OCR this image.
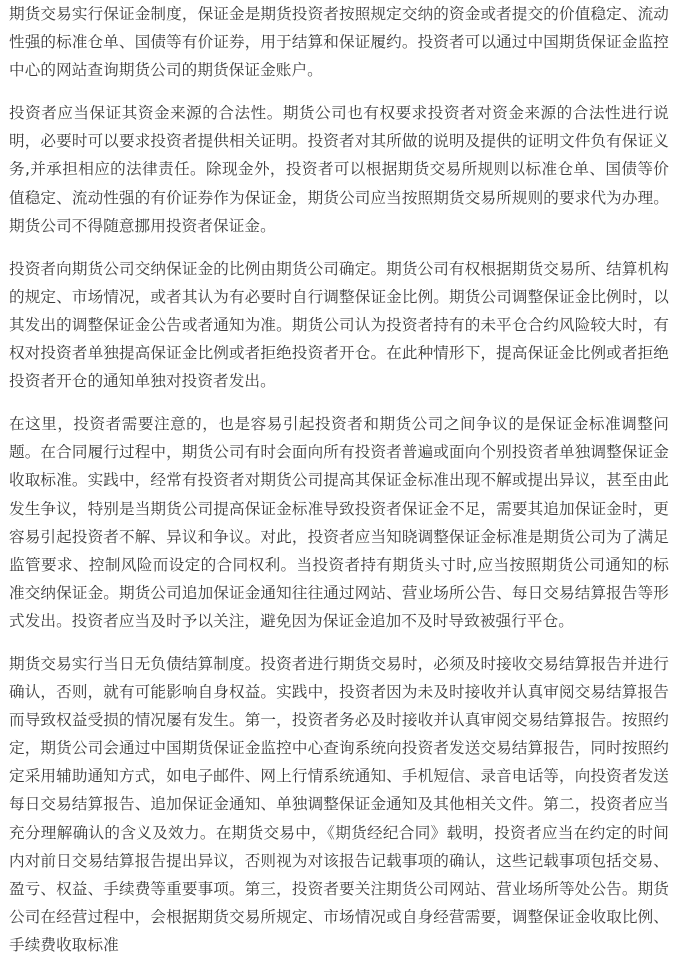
期货交易实行保证金制度，保证金是期货投资者按照规定交纳的资金或者提交的价值稳定、流动性强的标准仓单、国债等有价证券，用于结算和保证履约。投资者可以通过中国期货保证金监控中心的网站查询期货公司的期货保证金账户。

投资者应当保证其资金来源的合法性。期货公司也有权要求投资者对资金来源的合法性进行说明，必要时可以要求投资者提供相关证明。投资者对其所做的说明及提供的证明文件负有保证义务,并承担相应的法律责任。除现金外，投资者可以根据期货交易所规则以标准仓单、国债等价值稳定、流动性强的有价证券作为保证金，期货公司应当按照期货交易所规则的要求代为办理。期货公司不得随意挪用投资者保证金。

投资者向期货公司交纳保证金的比例由期货公司确定。期货公司有权根据期货交易所、结算机构的规定、市场情况，或者其认为有必要时自行调整保证金比例。期货公司调整保证金比例时，以其发出的调整保证金公告或者通知为准。期货公司认为投资者持有的未平仓合约风险较大时，有权对投资者单独提高保证金比例或者拒绝投资者开仓。在此种情形下，提高保证金比例或者拒绝投资者开仓的通知单独对投资者发出。

在这里，投资者需要注意的，也是容易引起投资者和期货公司之间争议的是保证金标准调整问题。在合同履行过程中，期货公司有时会面向所有投资者普遍或面向个别投资者单独调整保证金收取标准。实践中，经常有投资者对期货公司提高其保证金标准出现不解或提出异议，甚至由此发生争议，特别是当期货公司提高保证金标准导致投资者保证金不足，需要其追加保证金时，更容易引起投资者不解、异议和争议。对此，投资者应当知晓调整保证金标准是期货公司为了满足监管要求、控制风险而设定的合同权利。当投资者持有期货头寸时,应当按照期货公司通知的标准交纳保证金。期货公司追加保证金通知往往通过网站、营业场所公告、每日交易结算报告等形式发出。投资者应当及时予以关注，避免因为保证金追加不及时导致被强行平仓。

期货交易实行当日无负债结算制度。投资者进行期货交易时，必须及时接收交易结算报告并进行确认，否则，就有可能影响自身权益。实践中，投资者因为未及时接收并认真审阅交易结算报告而导致权益受损的情况屡有发生。第一，投资者务必及时接收并认真审阅交易结算报告。按照约定，期货公司会通过中国期货保证金监控中心查询系统向投资者发送交易结算报告，同时按照约定采用辅助通知方式，如电子邮件、网上行情系统通知、手机短信、录音电话等，向投资者发送每日交易结算报告、追加保证金通知、单独调整保证金通知及其他相关文件。第二，投资者应当充分理解确认的含义及效力。在期货交易中，《期货经纪合同》载明，投资者应当在约定的时间内对前日交易结算报告提出异议，否则视为对该报告记载事项的确认，这些记载事项包括交易、盈亏、权益、手续费等重要事项。第三，投资者要关注期货公司网站、营业场所等处公告。期货公司在经营过程中，会根据期货交易所规定、市场情况或自身经营需要，调整保证金收取比例、手续费收取标准
